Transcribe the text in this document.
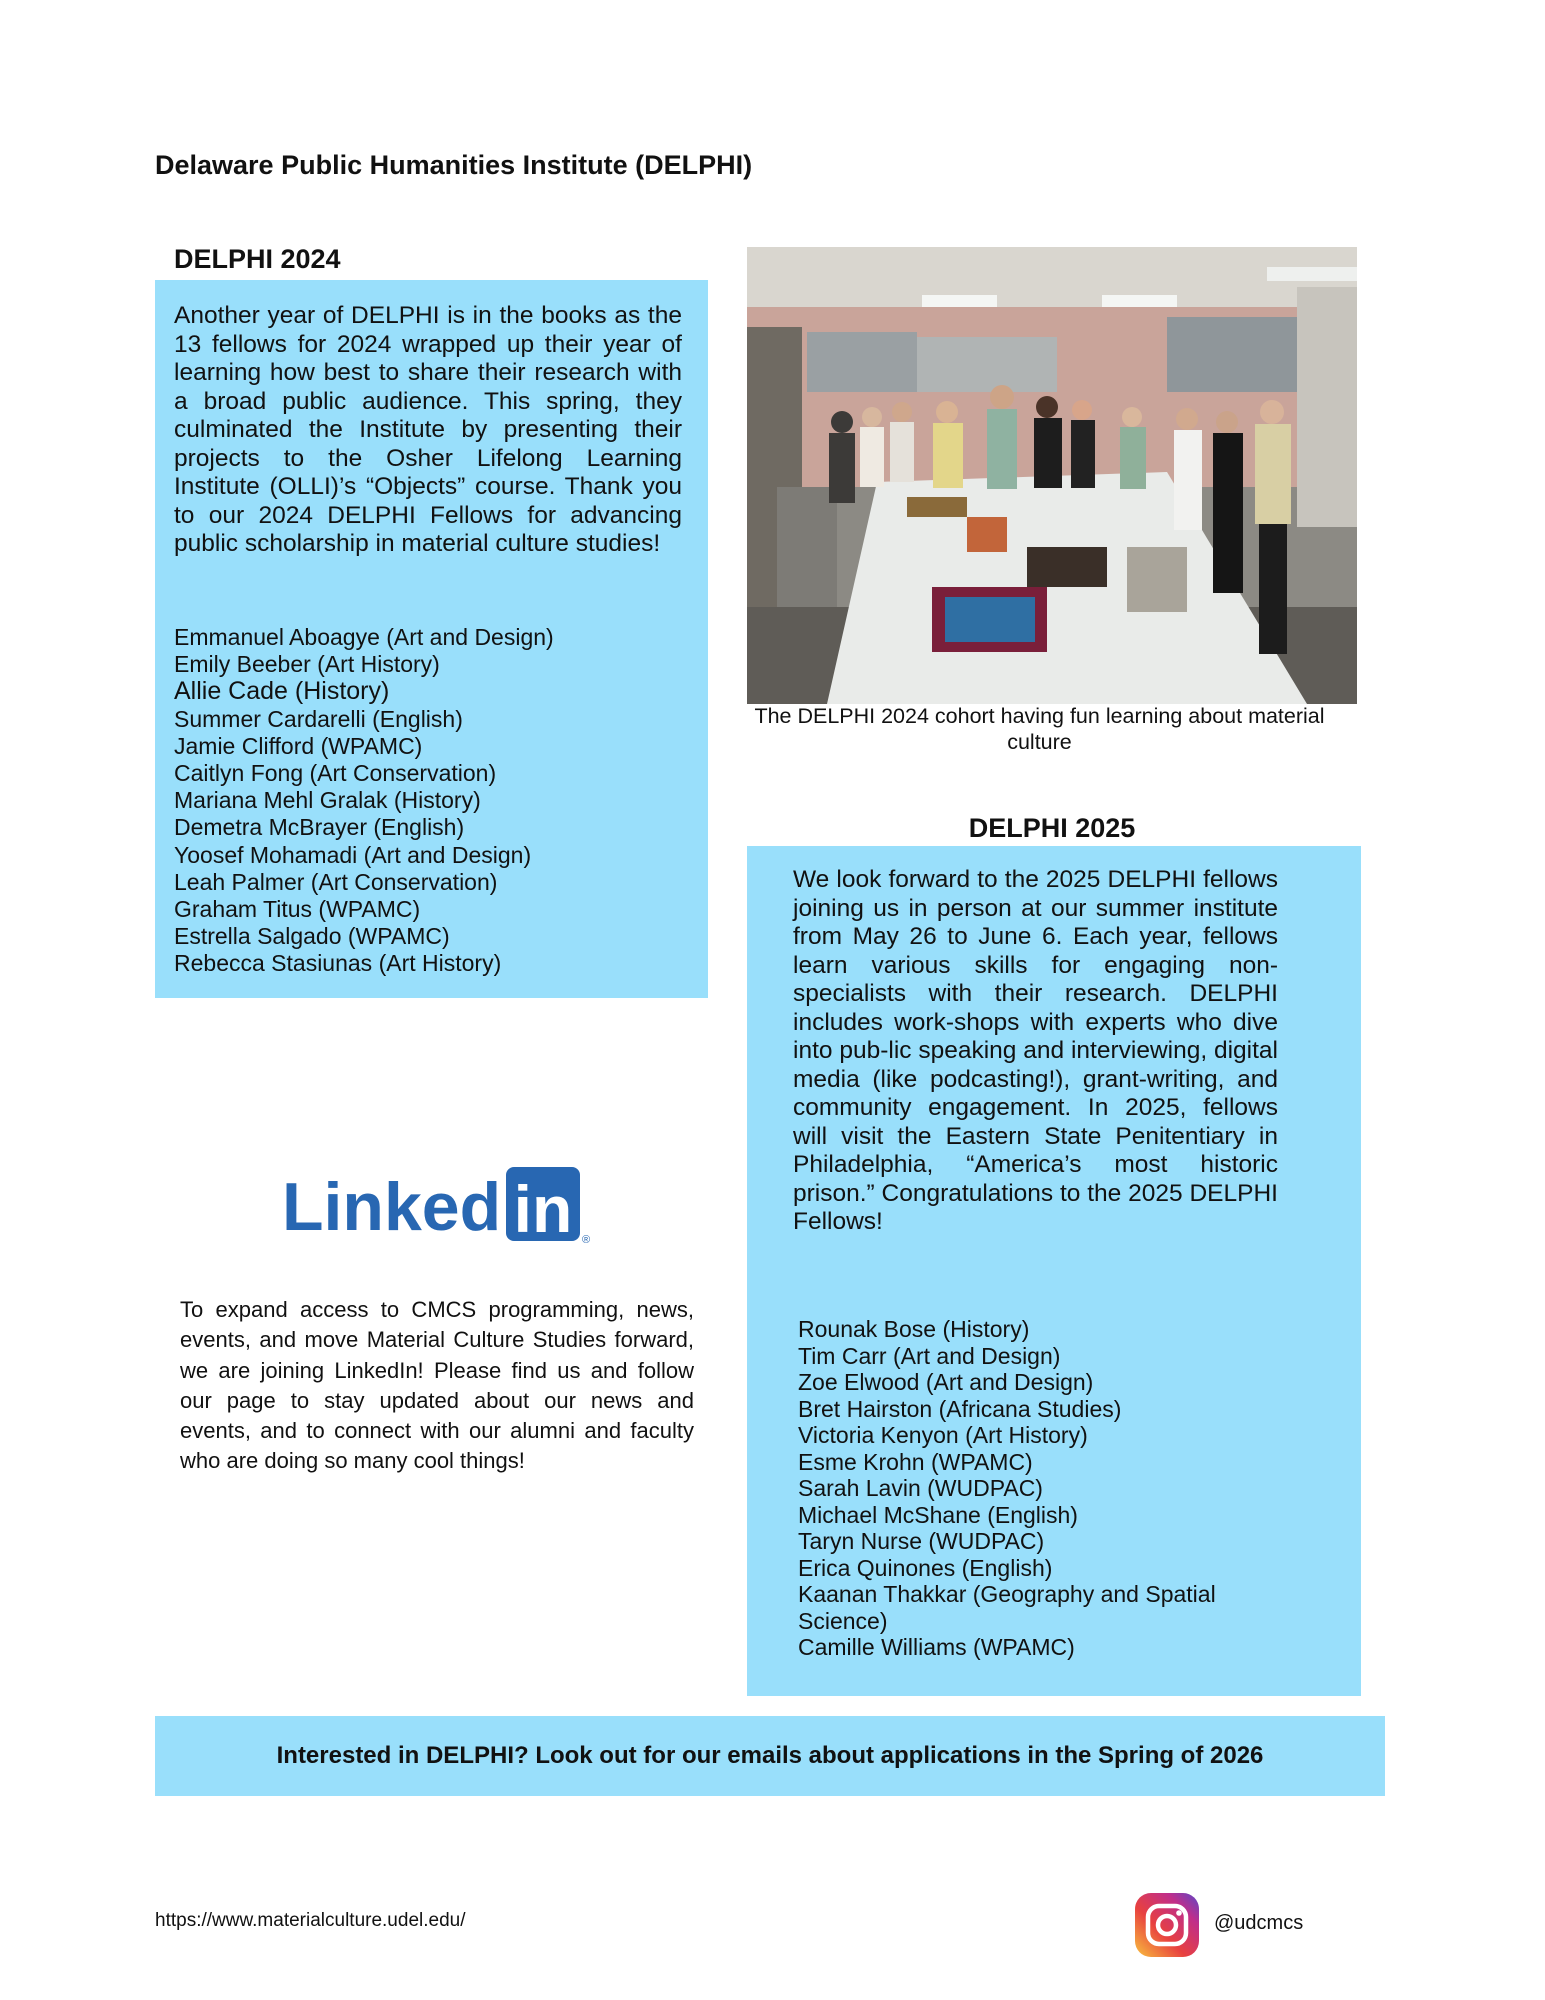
Delaware Public Humanities Institute (DELPHI)
DELPHI 2024
Another year of DELPHI is in the books as the 13 fellows for 2024 wrapped up their year of learning how best to share their research with a broad public audience. This spring, they culminated the Institute by presenting their projects to the Osher Lifelong Learning Institute (OLLI)’s “Objects” course. Thank you to our 2024 DELPHI Fellows for advancing public scholarship in material culture studies!
Emmanuel Aboagye (Art and Design)
Emily Beeber (Art History)
Allie Cade (History)
Summer Cardarelli (English)
Jamie Clifford (WPAMC)
Caitlyn Fong (Art Conservation)
Mariana Mehl Gralak (History)
Demetra McBrayer (English)
Yoosef Mohamadi (Art and Design)
Leah Palmer (Art Conservation)
Graham Titus (WPAMC)
Estrella Salgado (WPAMC)
Rebecca Stasiunas (Art History)
The DELPHI 2024 cohort having fun learning about material culture
DELPHI 2025
We look forward to the 2025 DELPHI fellows joining us in person at our summer institute from May 26 to June 6. Each year, fellows learn various skills for engaging non-specialists with their research. DELPHI includes work-shops with experts who dive into pub-lic speaking and interviewing, digital media (like podcasting!), grant-writing, and community engagement. In 2025, fellows will visit the Eastern State Penitentiary in Philadelphia, “America’s most historic prison.” Congratulations to the 2025 DELPHI Fellows!
Rounak Bose (History)
Tim Carr (Art and Design)
Zoe Elwood (Art and Design)
Bret Hairston (Africana Studies)
Victoria Kenyon (Art History)
Esme Krohn (WPAMC)
Sarah Lavin (WUDPAC)
Michael McShane (English)
Taryn Nurse (WUDPAC)
Erica Quinones (English)
Kaanan Thakkar (Geography and Spatial Science)
Camille Williams (WPAMC)
Linked in ®
To expand access to CMCS programming, news, events, and move Material Culture Studies forward, we are joining LinkedIn! Please find us and follow our page to stay updated about our news and events, and to connect with our alumni and faculty who are doing so many cool things!
Interested in DELPHI? Look out for our emails about applications in the Spring of 2026
https://www.materialculture.udel.edu/	@udcmcs
